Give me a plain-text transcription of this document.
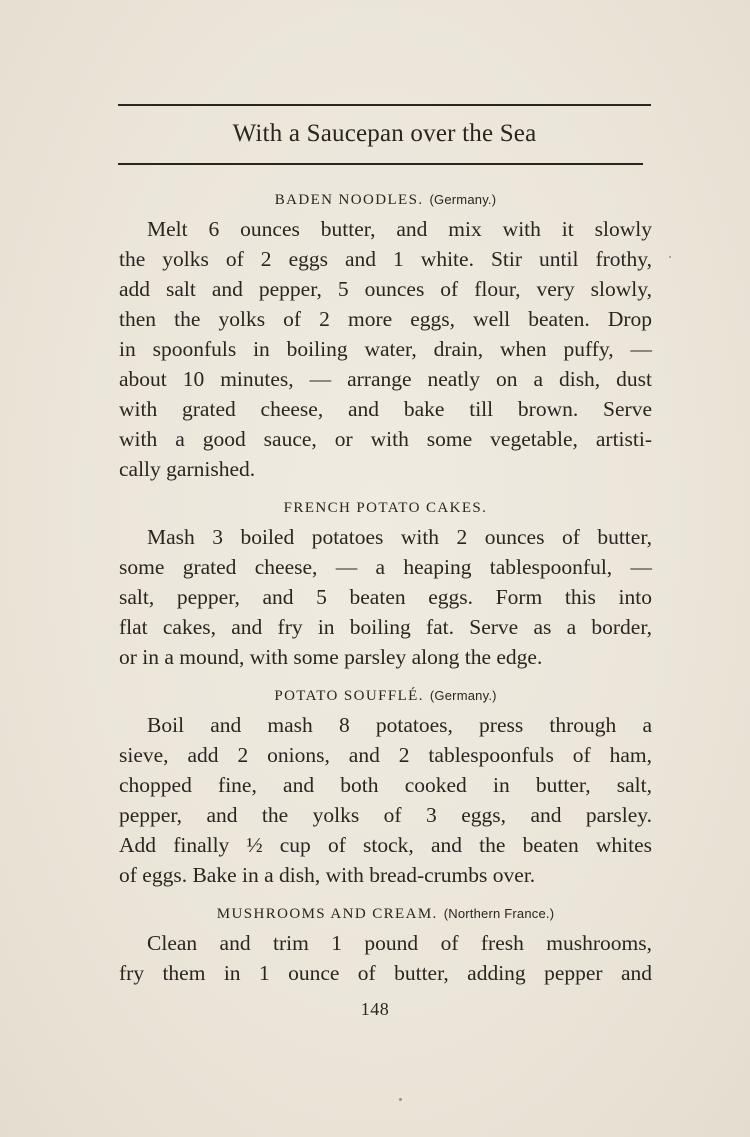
With a Saucepan over the Sea
BADEN NOODLES. (Germany.)
Melt 6 ounces butter, and mix with it slowly
the yolks of 2 eggs and 1 white. Stir until frothy,
add salt and pepper, 5 ounces of flour, very slowly,
then the yolks of 2 more eggs, well beaten. Drop
in spoonfuls in boiling water, drain, when puffy, —
about 10 minutes, — arrange neatly on a dish, dust
with grated cheese, and bake till brown. Serve
with a good sauce, or with some vegetable, artisti-
cally garnished.
FRENCH POTATO CAKES.
Mash 3 boiled potatoes with 2 ounces of butter,
some grated cheese, — a heaping tablespoonful, —
salt, pepper, and 5 beaten eggs. Form this into
flat cakes, and fry in boiling fat. Serve as a border,
or in a mound, with some parsley along the edge.
POTATO SOUFFLÉ. (Germany.)
Boil and mash 8 potatoes, press through a
sieve, add 2 onions, and 2 tablespoonfuls of ham,
chopped fine, and both cooked in butter, salt,
pepper, and the yolks of 3 eggs, and parsley.
Add finally ½ cup of stock, and the beaten whites
of eggs. Bake in a dish, with bread-crumbs over.
MUSHROOMS AND CREAM. (Northern France.)
Clean and trim 1 pound of fresh mushrooms,
fry them in 1 ounce of butter, adding pepper and
148
